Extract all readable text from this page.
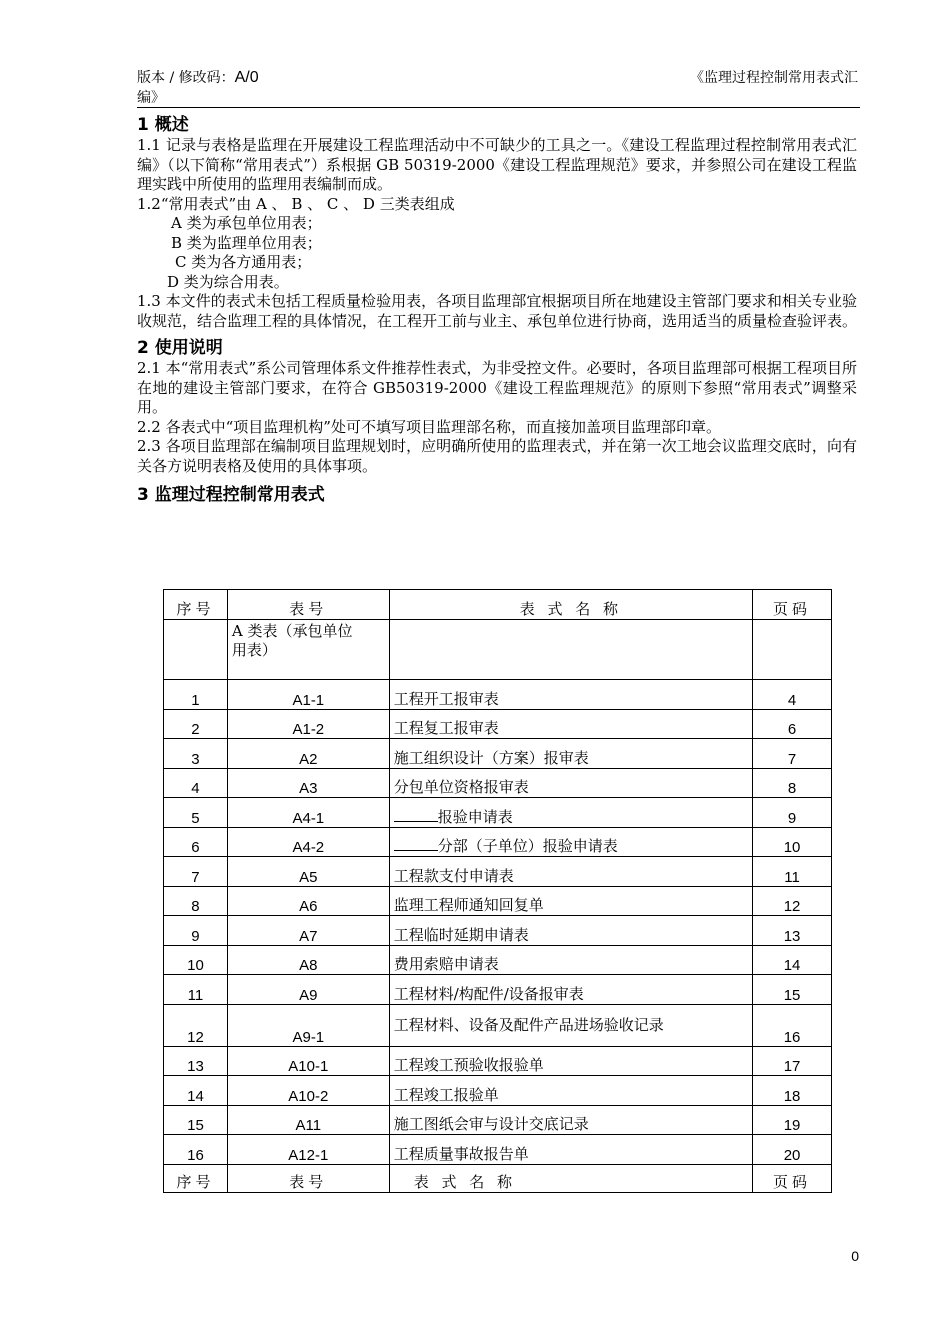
版本 / 修改码：A/0
编》
《监理过程控制常用表式汇
1 概述

1.1 记录与表格是监理在开展建设工程监理活动中不可缺少的工具之一。《建设工程监理过程控制常用表式汇编》（以下简称“常用表式”）系根据 GB 50319-2000《建设工程监理规范》要求，并参照公司在建设工程监理实践中所使用的监理用表编制而成。

1.2“常用表式”由 A 、 B 、 C 、 D 三类表组成

A 类为承包单位用表；

B 类为监理单位用表；

C 类为各方通用表；

D 类为综合用表。

1.3 本文件的表式未包括工程质量检验用表，各项目监理部宜根据项目所在地建设主管部门要求和相关专业验收规范，结合监理工程的具体情况，在工程开工前与业主、承包单位进行协商，选用适当的质量检查验评表。

2 使用说明

2.1 本“常用表式”系公司管理体系文件推荐性表式，为非受控文件。必要时，各项目监理部可根据工程项目所在地的建设主管部门要求，在符合 GB50319-2000《建设工程监理规范》的原则下参照“常用表式”调整采用。

2.2 各表式中“项目监理机构”处可不填写项目监理部名称，而直接加盖项目监理部印章。

2.3 各项目监理部在编制项目监理规划时，应明确所使用的监理表式，并在第一次工地会议监理交底时，向有关各方说明表格及使用的具体事项。

3 监理过程控制常用表式
序号	表号	表 式 名 称	页码
	A 类表（承包单位用表）		
1	A1-1	工程开工报审表	4
2	A1-2	工程复工报审表	6
3	A2	施工组织设计（方案）报审表	7
4	A3	分包单位资格报审表	8
5	A4-1	报验申请表	9
6	A4-2	分部（子单位）报验申请表	10
7	A5	工程款支付申请表	11
8	A6	监理工程师通知回复单	12
9	A7	工程临时延期申请表	13
10	A8	费用索赔申请表	14
11	A9	工程材料/构配件/设备报审表	15
12	A9-1	工程材料、设备及配件产品进场验收记录	16
13	A10-1	工程竣工预验收报验单	17
14	A10-2	工程竣工报验单	18
15	A11	施工图纸会审与设计交底记录	19
16	A12-1	工程质量事故报告单	20
序号	表号	表 式 名 称	页码
0
